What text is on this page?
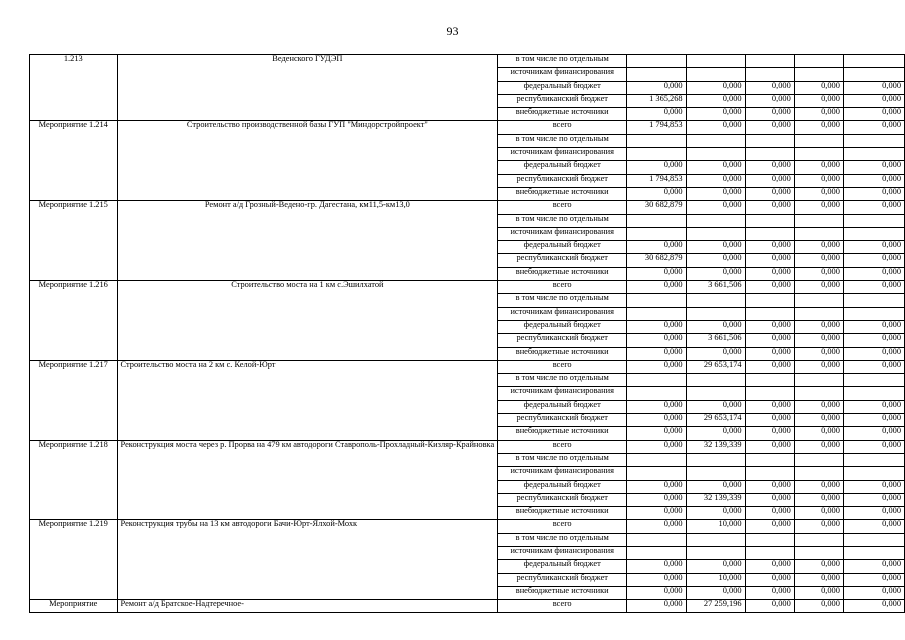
93
1.213	Веденского ГУДЭП	в том числе по отдельным					
		источникам финансирования					
		федеральный бюджет	0,000	0,000	0,000	0,000	0,000
		республиканский бюджет	1 365,268	0,000	0,000	0,000	0,000
		внебюджетные источники	0,000	0,000	0,000	0,000	0,000
Мероприятие 1.214	Строительство производственной базы ГУП "Миндорстройпроект"	всего	1 794,853	0,000	0,000	0,000	0,000
		в том числе по отдельным					
		источникам финансирования					
		федеральный бюджет	0,000	0,000	0,000	0,000	0,000
		республиканский бюджет	1 794,853	0,000	0,000	0,000	0,000
		внебюджетные источники	0,000	0,000	0,000	0,000	0,000
Мероприятие 1.215	Ремонт а/д Грозный-Ведено-гр. Дагестана, км11,5-км13,0	всего	30 682,879	0,000	0,000	0,000	0,000
		в том числе по отдельным					
		источникам финансирования					
		федеральный бюджет	0,000	0,000	0,000	0,000	0,000
		республиканский бюджет	30 682,879	0,000	0,000	0,000	0,000
		внебюджетные источники	0,000	0,000	0,000	0,000	0,000
Мероприятие 1.216	Строительство моста на 1 км с.Эшилхатой	всего	0,000	3 661,506	0,000	0,000	0,000
		в том числе по отдельным					
		источникам финансирования					
		федеральный бюджет	0,000	0,000	0,000	0,000	0,000
		республиканский бюджет	0,000	3 661,506	0,000	0,000	0,000
		внебюджетные источники	0,000	0,000	0,000	0,000	0,000
Мероприятие 1.217	Строительство моста на 2 км с. Келой-Юрт	всего	0,000	29 653,174	0,000	0,000	0,000
		в том числе по отдельным					
		источникам финансирования					
		федеральный бюджет	0,000	0,000	0,000	0,000	0,000
		республиканский бюджет	0,000	29 653,174	0,000	0,000	0,000
		внебюджетные источники	0,000	0,000	0,000	0,000	0,000
Мероприятие 1.218	Реконструкция моста через р. Прорва на 479 км автодороги Ставрополь-Прохладный-Кизляр-Крайновка	всего	0,000	32 139,339	0,000	0,000	0,000
		в том числе по отдельным					
		источникам финансирования					
		федеральный бюджет	0,000	0,000	0,000	0,000	0,000
		республиканский бюджет	0,000	32 139,339	0,000	0,000	0,000
		внебюджетные источники	0,000	0,000	0,000	0,000	0,000
Мероприятие 1.219	Реконструкция трубы на 13 км автодороги Бачи-Юрт-Ялхой-Мохк	всего	0,000	10,000	0,000	0,000	0,000
		в том числе по отдельным					
		источникам финансирования					
		федеральный бюджет	0,000	0,000	0,000	0,000	0,000
		республиканский бюджет	0,000	10,000	0,000	0,000	0,000
		внебюджетные источники	0,000	0,000	0,000	0,000	0,000
Мероприятие	Ремонт а/д Братское-Надтеречное-	всего	0,000	27 259,196	0,000	0,000	0,000
